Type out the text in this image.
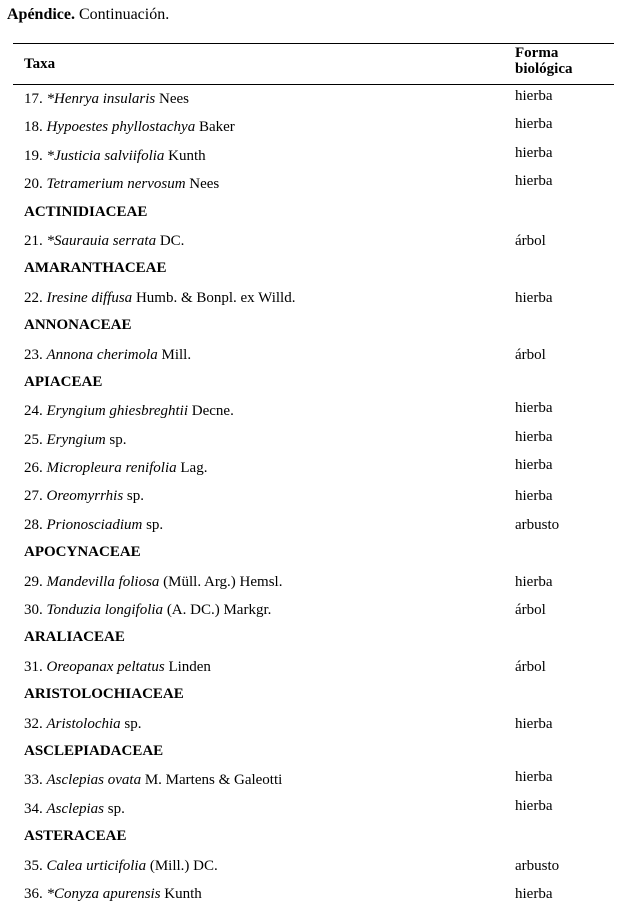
Apéndice. Continuación.
Taxa
Forma
biológica
hierba
17. *Henrya insularis Nees
hierba
18. Hypoestes phyllostachya Baker
hierba
19. *Justicia salviifolia Kunth
hierba
20. Tetramerium nervosum Nees
ACTINIDIACEAE
árbol
21. *Saurauia serrata DC.
AMARANTHACEAE
hierba
22. Iresine diffusa Humb. & Bonpl. ex Willd.
ANNONACEAE
árbol
23. Annona cherimola Mill.
APIACEAE
hierba
24. Eryngium ghiesbreghtii Decne.
hierba
25. Eryngium sp.
hierba
26. Micropleura renifolia Lag.
hierba
27. Oreomyrrhis sp.
arbusto
28. Prionosciadium sp.
APOCYNACEAE
hierba
29. Mandevilla foliosa (Müll. Arg.) Hemsl.
árbol
30. Tonduzia longifolia (A. DC.) Markgr.
ARALIACEAE
árbol
31. Oreopanax peltatus Linden
ARISTOLOCHIACEAE
hierba
32. Aristolochia sp.
ASCLEPIADACEAE
hierba
33. Asclepias ovata M. Martens & Galeotti
hierba
34. Asclepias sp.
ASTERACEAE
arbusto
35. Calea urticifolia (Mill.) DC.
hierba
36. *Conyza apurensis Kunth
